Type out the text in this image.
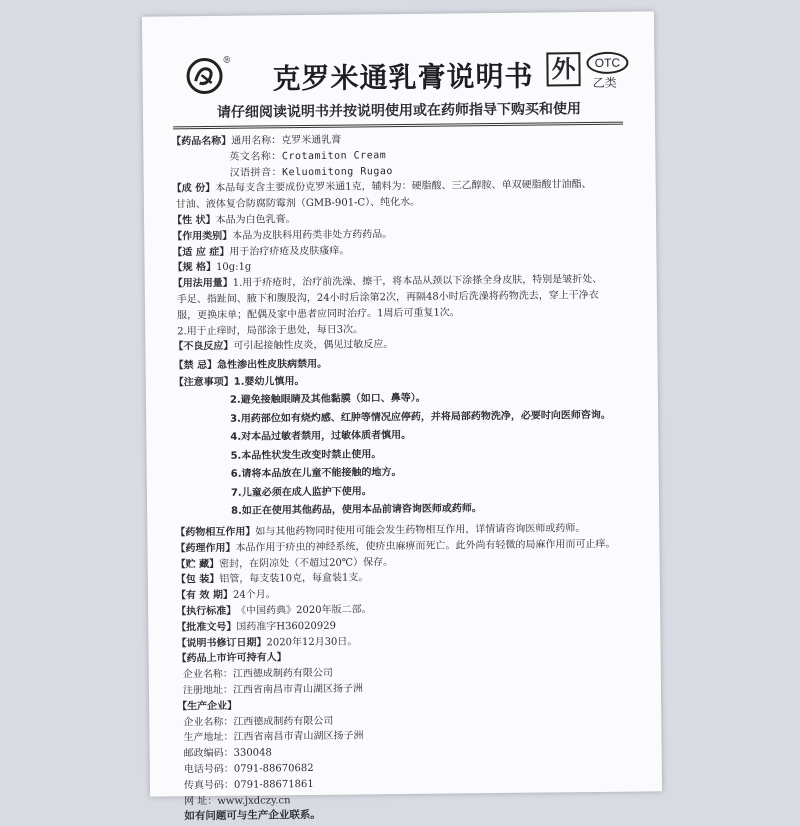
® 克罗米通乳膏说明书 外	OTC
乙类
请仔细阅读说明书并按说明使用或在药师指导下购买和使用
【药品名称】通用名称：克罗米通乳膏
英文名称：Crotamiton Cream
汉语拼音：Keluomitong Rugao
【成 份】本品每支含主要成份克罗米通1克，辅料为：硬脂酸、三乙醇胺、单双硬脂酸甘油酯、
甘油、液体复合防腐防霉剂（GMB-901-C）、纯化水。
【性 状】本品为白色乳膏。
【作用类别】本品为皮肤科用药类非处方药药品。
【适 应 症】用于治疗疥疮及皮肤瘙痒。
【规 格】10g:1g
【用法用量】1.用于疥疮时，治疗前洗澡、擦干，将本品从颈以下涂搽全身皮肤，特别是皱折处、
手足、指趾间、腋下和腹股沟，24小时后涂第2次，再隔48小时后洗澡将药物洗去，穿上干净衣
服，更换床单；配偶及家中患者应同时治疗。1周后可重复1次。
2.用于止痒时，局部涂于患处，每日3次。
【不良反应】可引起接触性皮炎，偶见过敏反应。
【禁 忌】急性渗出性皮肤病禁用。
【注意事项】1.婴幼儿慎用。
2.避免接触眼睛及其他黏膜（如口、鼻等）。
3.用药部位如有烧灼感、红肿等情况应停药，并将局部药物洗净，必要时向医师咨询。
4.对本品过敏者禁用，过敏体质者慎用。
5.本品性状发生改变时禁止使用。
6.请将本品放在儿童不能接触的地方。
7.儿童必须在成人监护下使用。
8.如正在使用其他药品，使用本品前请咨询医师或药师。
【药物相互作用】如与其他药物同时使用可能会发生药物相互作用，详情请咨询医师或药师。
【药理作用】本品作用于疥虫的神经系统，使疥虫麻痹而死亡。此外尚有轻微的局麻作用而可止痒。
【贮 藏】密封，在阴凉处（不超过20℃）保存。
【包 装】铝管，每支装10克，每盒装1支。
【有 效 期】24个月。
【执行标准】《中国药典》2020年版二部。
【批准文号】国药准字H36020929
【说明书修订日期】2020年12月30日。
【药品上市许可持有人】
企业名称：江西德成制药有限公司
注册地址：江西省南昌市青山湖区扬子洲
【生产企业】
企业名称：江西德成制药有限公司
生产地址：江西省南昌市青山湖区扬子洲
邮政编码：330048
电话号码：0791-88670682
传真号码：0791-88671861
网 址：www.jxdczy.cn
如有问题可与生产企业联系。
